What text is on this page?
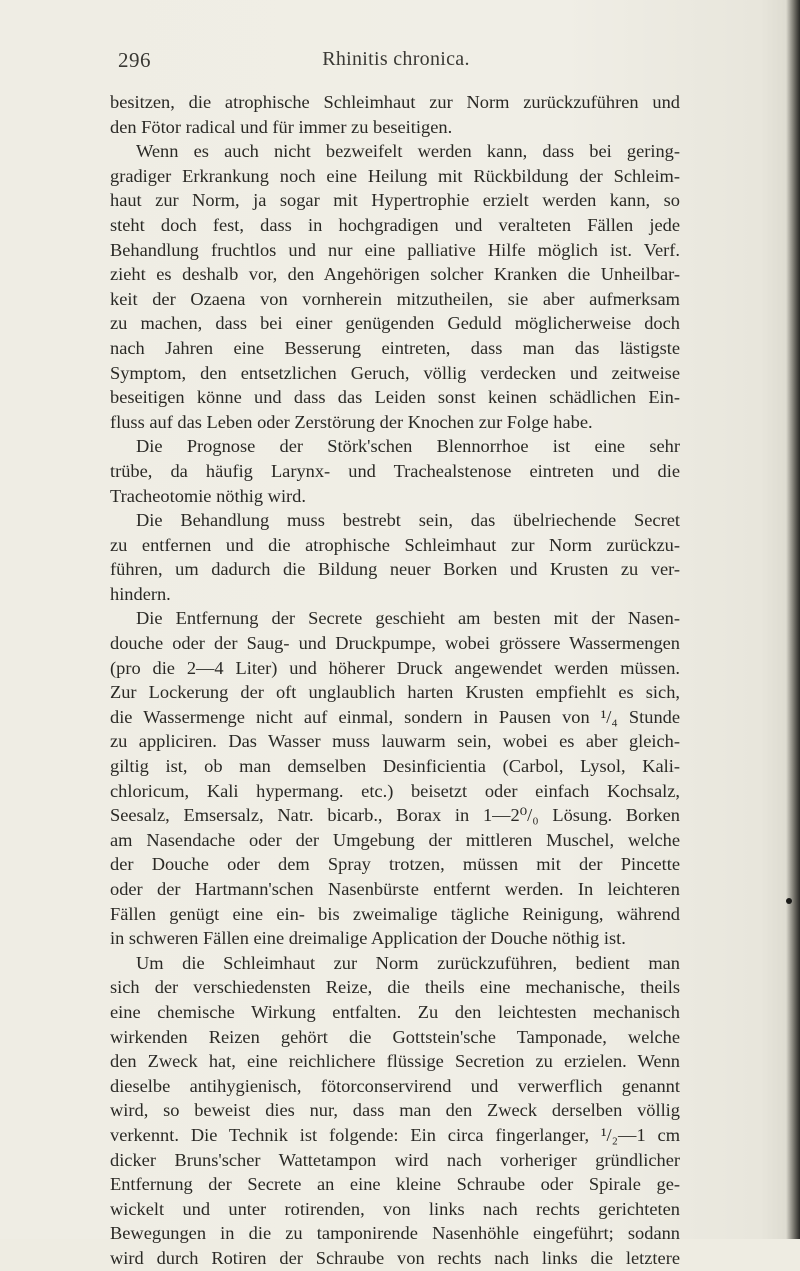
296	Rhinitis chronica.
besitzen, die atrophische Schleimhaut zur Norm zurückzuführen und
den Fötor radical und für immer zu beseitigen.
Wenn es auch nicht bezweifelt werden kann, dass bei gering-
gradiger Erkrankung noch eine Heilung mit Rückbildung der Schleim-
haut zur Norm, ja sogar mit Hypertrophie erzielt werden kann, so
steht doch fest, dass in hochgradigen und veralteten Fällen jede
Behandlung fruchtlos und nur eine palliative Hilfe möglich ist. Verf.
zieht es deshalb vor, den Angehörigen solcher Kranken die Unheilbar-
keit der Ozaena von vornherein mitzutheilen, sie aber aufmerksam
zu machen, dass bei einer genügenden Geduld möglicherweise doch
nach Jahren eine Besserung eintreten, dass man das lästigste
Symptom, den entsetzlichen Geruch, völlig verdecken und zeitweise
beseitigen könne und dass das Leiden sonst keinen schädlichen Ein-
fluss auf das Leben oder Zerstörung der Knochen zur Folge habe.
Die Prognose der Störk'schen Blennorrhoe ist eine sehr
trübe, da häufig Larynx- und Trachealstenose eintreten und die
Tracheotomie nöthig wird.
Die Behandlung muss bestrebt sein, das übelriechende Secret
zu entfernen und die atrophische Schleimhaut zur Norm zurückzu-
führen, um dadurch die Bildung neuer Borken und Krusten zu ver-
hindern.
Die Entfernung der Secrete geschieht am besten mit der Nasen-
douche oder der Saug- und Druckpumpe, wobei grössere Wassermengen
(pro die 2—4 Liter) und höherer Druck angewendet werden müssen.
Zur Lockerung der oft unglaublich harten Krusten empfiehlt es sich,
die Wassermenge nicht auf einmal, sondern in Pausen von ¹/₄ Stunde
zu appliciren. Das Wasser muss lauwarm sein, wobei es aber gleich-
giltig ist, ob man demselben Desinficientia (Carbol, Lysol, Kali-
chloricum, Kali hypermang. etc.) beisetzt oder einfach Kochsalz,
Seesalz, Emsersalz, Natr. bicarb., Borax in 1—2⁰/₀ Lösung. Borken
am Nasendache oder der Umgebung der mittleren Muschel, welche
der Douche oder dem Spray trotzen, müssen mit der Pincette
oder der Hartmann'schen Nasenbürste entfernt werden. In leichteren
Fällen genügt eine ein- bis zweimalige tägliche Reinigung, während
in schweren Fällen eine dreimalige Application der Douche nöthig ist.
Um die Schleimhaut zur Norm zurückzuführen, bedient man
sich der verschiedensten Reize, die theils eine mechanische, theils
eine chemische Wirkung entfalten. Zu den leichtesten mechanisch
wirkenden Reizen gehört die Gottstein'sche Tamponade, welche
den Zweck hat, eine reichlichere flüssige Secretion zu erzielen. Wenn
dieselbe antihygienisch, fötorconservirend und verwerflich genannt
wird, so beweist dies nur, dass man den Zweck derselben völlig
verkennt. Die Technik ist folgende: Ein circa fingerlanger, ¹/₂—1 cm
dicker Bruns'scher Wattetampon wird nach vorheriger gründlicher
Entfernung der Secrete an eine kleine Schraube oder Spirale ge-
wickelt und unter rotirenden, von links nach rechts gerichteten
Bewegungen in die zu tamponirende Nasenhöhle eingeführt; sodann
wird durch Rotiren der Schraube von rechts nach links die letztere
